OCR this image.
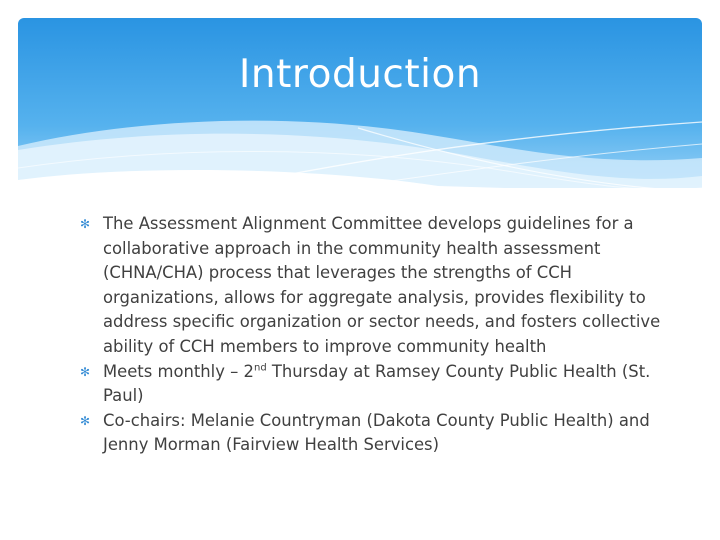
Introduction
✻ The Assessment Alignment Committee develops guidelines for a collaborative approach in the community health assessment (CHNA/CHA) process that leverages the strengths of CCH organizations, allows for aggregate analysis, provides flexibility to address specific organization or sector needs, and fosters collective ability of CCH members to improve community health
✻ Meets monthly – 2nd Thursday at Ramsey County Public Health (St. Paul)
✻ Co-chairs: Melanie Countryman (Dakota County Public Health) and Jenny Morman (Fairview Health Services)
